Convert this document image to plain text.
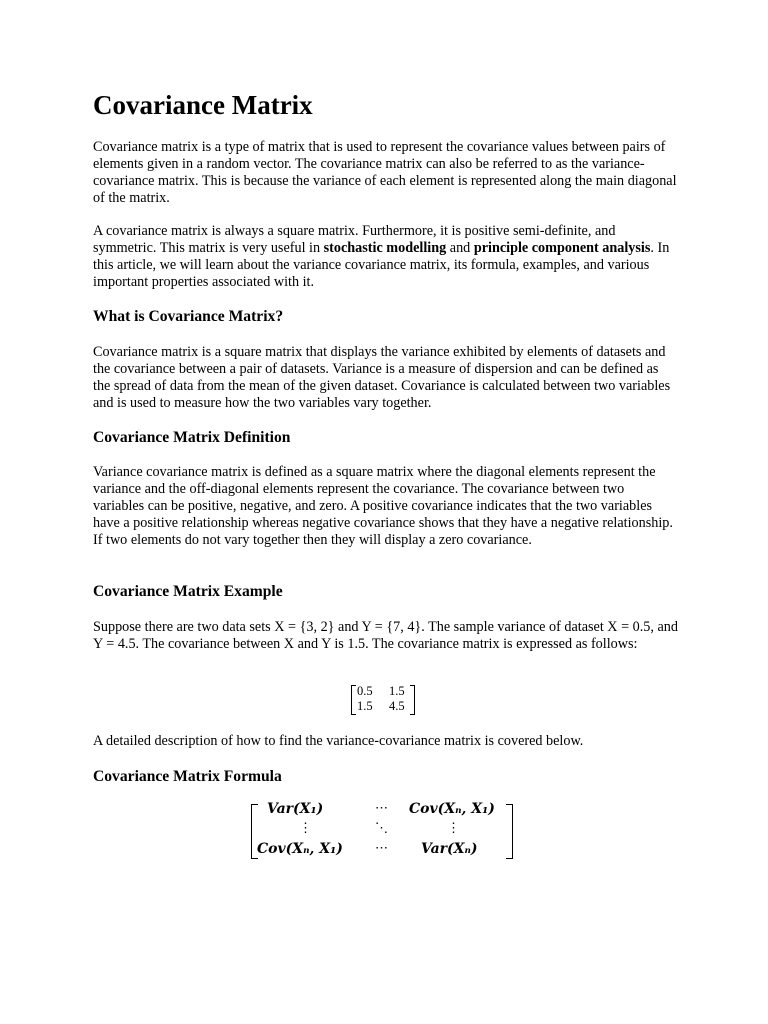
Covariance Matrix

Covariance matrix is a type of matrix that is used to represent the covariance values between pairs of elements given in a random vector. The covariance matrix can also be referred to as the variance-covariance matrix. This is because the variance of each element is represented along the main diagonal of the matrix.

A covariance matrix is always a square matrix. Furthermore, it is positive semi-definite, and symmetric. This matrix is very useful in stochastic modelling and principle component analysis. In this article, we will learn about the variance covariance matrix, its formula, examples, and various important properties associated with it.

What is Covariance Matrix?

Covariance matrix is a square matrix that displays the variance exhibited by elements of datasets and the covariance between a pair of datasets. Variance is a measure of dispersion and can be defined as the spread of data from the mean of the given dataset. Covariance is calculated between two variables and is used to measure how the two variables vary together.

Covariance Matrix Definition

Variance covariance matrix is defined as a square matrix where the diagonal elements represent the variance and the off-diagonal elements represent the covariance. The covariance between two variables can be positive, negative, and zero. A positive covariance indicates that the two variables have a positive relationship whereas negative covariance shows that they have a negative relationship. If two elements do not vary together then they will display a zero covariance.

Covariance Matrix Example

Suppose there are two data sets X = {3, 2} and Y = {7, 4}. The sample variance of dataset X = 0.5, and Y = 4.5. The covariance between X and Y is 1.5. The covariance matrix is expressed as follows:

0.5 1.5
1.5 4.5

A detailed description of how to find the variance-covariance matrix is covered below.

Covariance Matrix Formula
Var(X₁)	⋯ Cov(Xₙ, X₁)
⋮	⋱	⋮
Cov(Xₙ, X₁) ⋯ Var(Xₙ)
